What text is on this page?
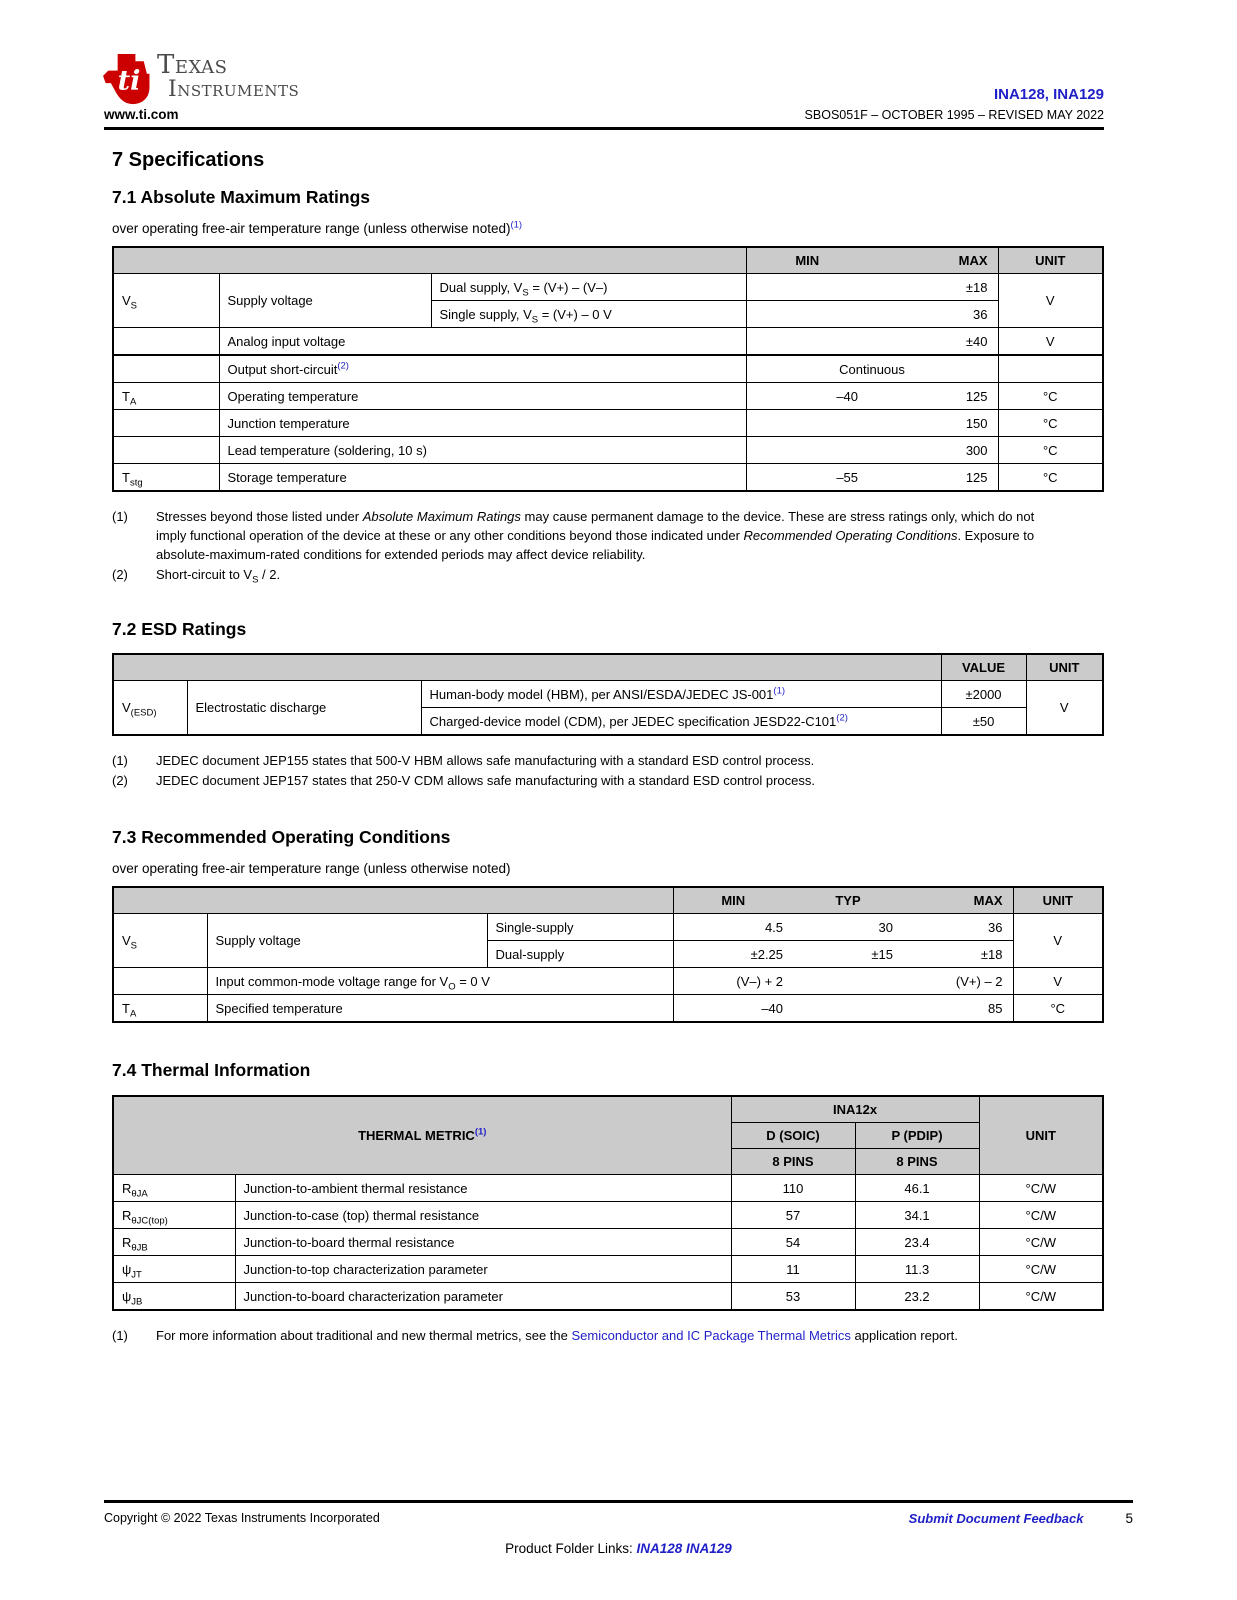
ti
Texas
Instruments
www.ti.com
INA128, INA129
SBOS051F – OCTOBER 1995 – REVISED MAY 2022
7 Specifications
7.1 Absolute Maximum Ratings

over operating free-air temperature range (unless otherwise noted)$^{(1)}$

			MIN	MAX	UNIT
$V_S$	Supply voltage	Dual supply, $V_S = (V+) - (V-)$		±18	V
		Single supply, $V_S = (V+) - 0$ V		36	
	Analog input voltage			±40	V
	Output short-circuit$^{(2)}$		Continuous		
$T_A$	Operating temperature		–40	125	°C
	Junction temperature			150	°C
	Lead temperature (soldering, 10 s)			300	°C
$T_{stg}$	Storage temperature		–55	125	°C
(1)	Stresses beyond those listed under Absolute Maximum Ratings may cause permanent damage to the device. These are stress ratings only, which do not imply functional operation of the device at these or any other conditions beyond those indicated under Recommended Operating Conditions. Exposure to absolute-maximum-rated conditions for extended periods may affect device reliability.
(2)	Short-circuit to $V_S / 2$.
7.2 ESD Ratings
			VALUE	UNIT
$V_{(ESD)}$	Electrostatic discharge	Human-body model (HBM), per ANSI/ESDA/JEDEC $JS-001^{(1)}$	±2000	V
		Charged-device model (CDM), per JEDEC specification $JESD22-C101^{(2)}$	±50	
(1)	JEDEC document JEP155 states that 500-V HBM allows safe manufacturing with a standard ESD control process.
(2)	JEDEC document JEP157 states that 250-V CDM allows safe manufacturing with a standard ESD control process.
7.3 Recommended Operating Conditions

over operating free-air temperature range (unless otherwise noted)

			MIN	TYP	MAX	UNIT
$V_S$	Supply voltage	Single-supply	4.5	30	36	V
		Dual-supply	±2.25	±15	±18	
	Input common-mode voltage range for $V_O = 0$ V		(V–) + 2		(V+) – 2	V
$T_A$	Specified temperature		–40		85	°C
7.4 Thermal Information
THERMAL METRIC$^{(1)}$		INA12x		UNIT
		D (SOIC)	P (PDIP)	
		8 PINS	8 PINS	
$R_{\theta JA}$	Junction-to-ambient thermal resistance	110	46.1	°C/W
$R_{\theta JC(top)}$	Junction-to-case (top) thermal resistance	57	34.1	°C/W
$R_{\theta JB}$	Junction-to-board thermal resistance	54	23.4	°C/W
$\psi_{JT}$	Junction-to-top characterization parameter	11	11.3	°C/W
$\psi_{JB}$	Junction-to-board characterization parameter	53	23.2	°C/W
(1)	For more information about traditional and new thermal metrics, see the Semiconductor and IC Package Thermal Metrics application report.
Copyright © 2022 Texas Instruments Incorporated	Submit Document Feedback	5
Product Folder Links: INA128 INA129
